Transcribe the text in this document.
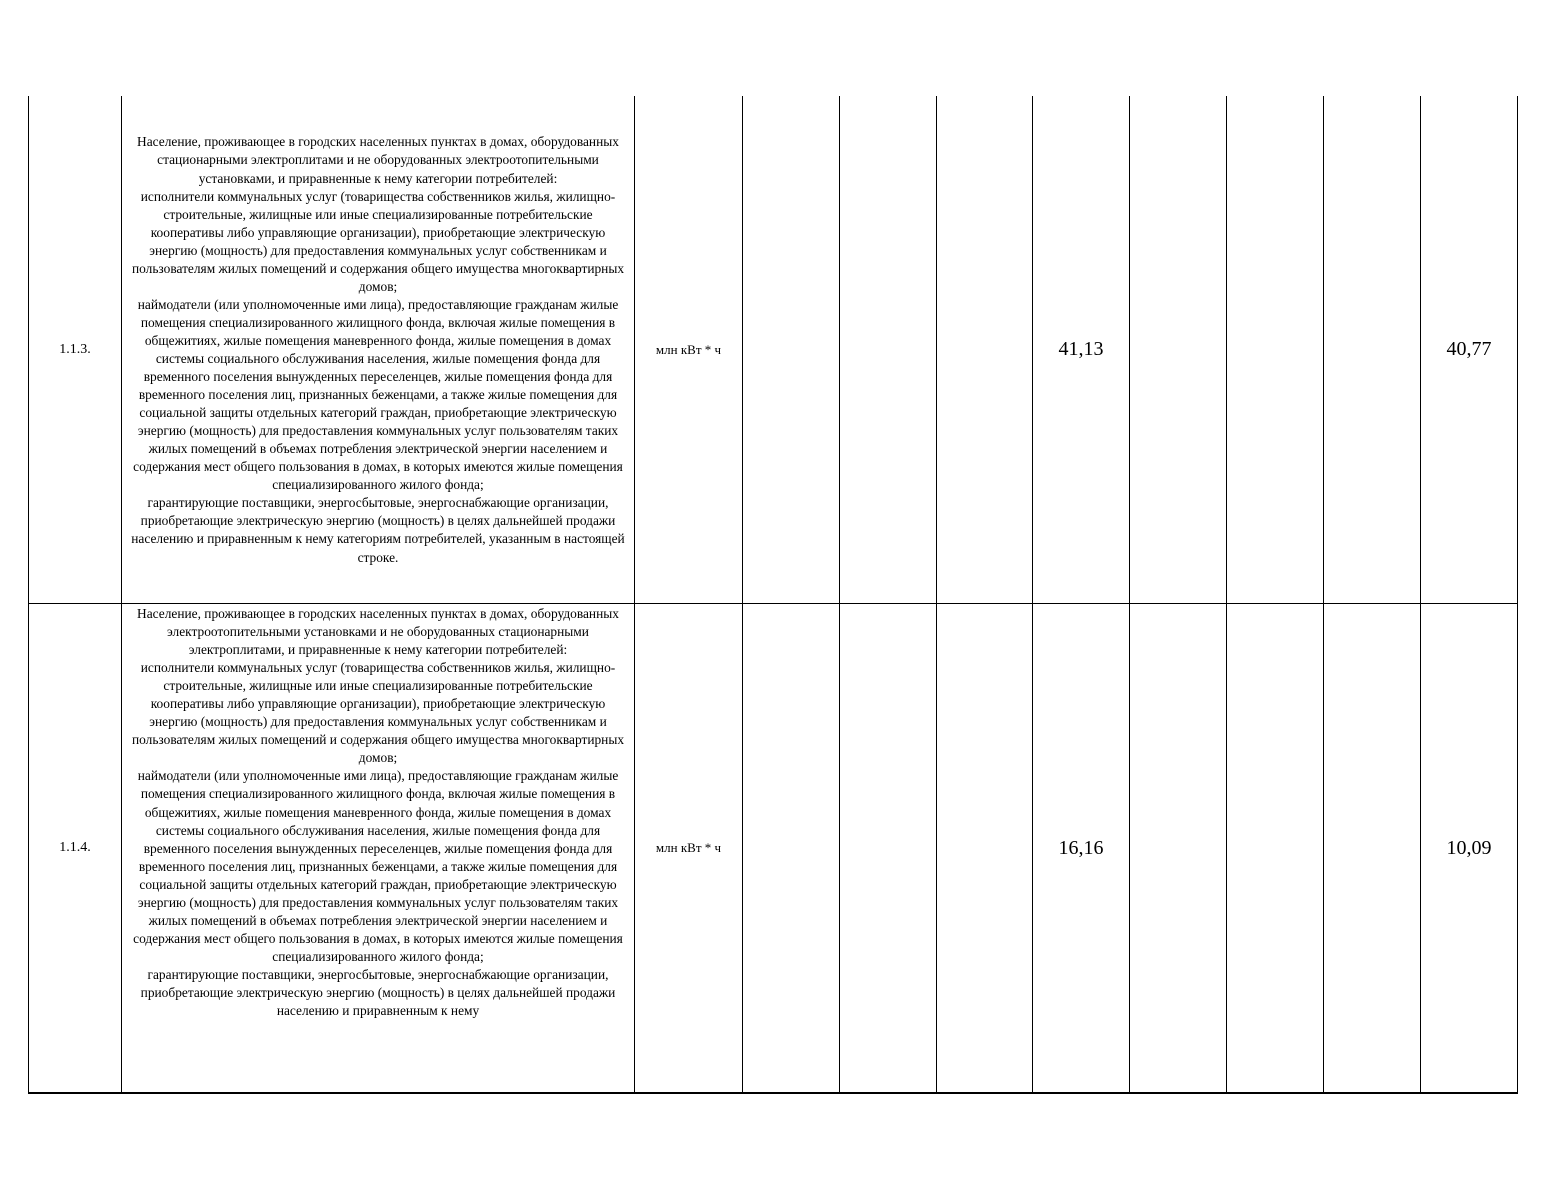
1.1.3.	Население, проживающее в городских населенных пунктах в домах, оборудованных стационарными электроплитами и не оборудованных электроотопительными установками, и приравненные к нему категории потребителей:
исполнители коммунальных услуг (товарищества собственников жилья, жилищно-строительные, жилищные или иные специализированные потребительские кооперативы либо управляющие организации), приобретающие электрическую энергию (мощность) для предоставления коммунальных услуг собственникам и пользователям жилых помещений и содержания общего имущества многоквартирных домов;
наймодатели (или уполномоченные ими лица), предоставляющие гражданам жилые помещения специализированного жилищного фонда, включая жилые помещения в общежитиях, жилые помещения маневренного фонда, жилые помещения в домах системы социального обслуживания населения, жилые помещения фонда для временного поселения вынужденных переселенцев, жилые помещения фонда для временного поселения лиц, признанных беженцами, а также жилые помещения для социальной защиты отдельных категорий граждан, приобретающие электрическую энергию (мощность) для предоставления коммунальных услуг пользователям таких жилых помещений в объемах потребления электрической энергии населением и содержания мест общего пользования в домах, в которых имеются жилые помещения специализированного жилого фонда;
гарантирующие поставщики, энергосбытовые, энергоснабжающие организации, приобретающие электрическую энергию (мощность) в целях дальнейшей продажи населению и приравненным к нему категориям потребителей, указанным в настоящей строке.	млн кВт * ч				41,13				40,77
1.1.4.	Население, проживающее в городских населенных пунктах в домах, оборудованных электроотопительными установками и не оборудованных стационарными электроплитами, и приравненные к нему категории потребителей:
исполнители коммунальных услуг (товарищества собственников жилья, жилищно-строительные, жилищные или иные специализированные потребительские кооперативы либо управляющие организации), приобретающие электрическую энергию (мощность) для предоставления коммунальных услуг собственникам и пользователям жилых помещений и содержания общего имущества многоквартирных домов;
наймодатели (или уполномоченные ими лица), предоставляющие гражданам жилые помещения специализированного жилищного фонда, включая жилые помещения в общежитиях, жилые помещения маневренного фонда, жилые помещения в домах системы социального обслуживания населения, жилые помещения фонда для временного поселения вынужденных переселенцев, жилые помещения фонда для временного поселения лиц, признанных беженцами, а также жилые помещения для социальной защиты отдельных категорий граждан, приобретающие электрическую энергию (мощность) для предоставления коммунальных услуг пользователям таких жилых помещений в объемах потребления электрической энергии населением и содержания мест общего пользования в домах, в которых имеются жилые помещения специализированного жилого фонда;
гарантирующие поставщики, энергосбытовые, энергоснабжающие организации, приобретающие электрическую энергию (мощность) в целях дальнейшей продажи населению и приравненным к нему	млн кВт * ч				16,16				10,09
